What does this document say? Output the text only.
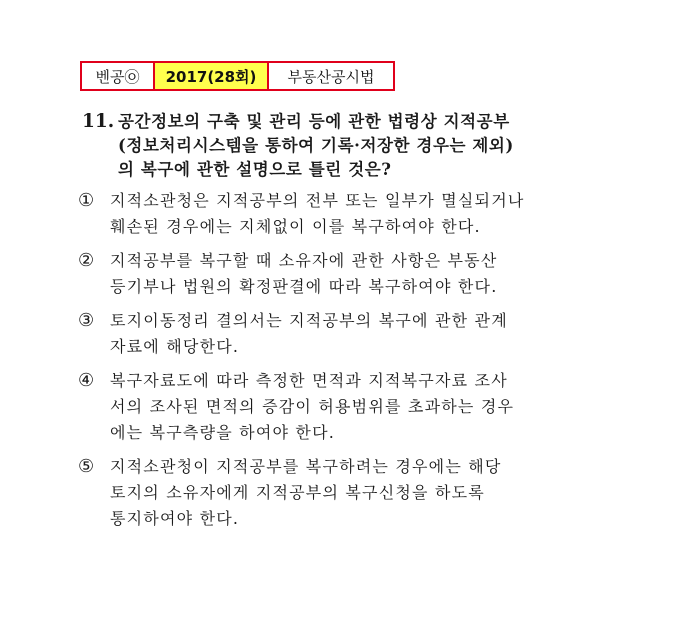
벤공㉧	2017(28회)	부동산공시법
11. 공간정보의 구축 및 관리 등에 관한 법령상 지적공부
(정보처리시스템을 통하여 기록·저장한 경우는 제외)
의 복구에 관한 설명으로 틀린 것은?
① 지적소관청은 지적공부의 전부 또는 일부가 멸실되거나
훼손된 경우에는 지체없이 이를 복구하여야 한다.
② 지적공부를 복구할 때 소유자에 관한 사항은 부동산
등기부나 법원의 확정판결에 따라 복구하여야 한다.
③ 토지이동정리 결의서는 지적공부의 복구에 관한 관계
자료에 해당한다.
④ 복구자료도에 따라 측정한 면적과 지적복구자료 조사
서의 조사된 면적의 증감이 허용범위를 초과하는 경우
에는 복구측량을 하여야 한다.
⑤ 지적소관청이 지적공부를 복구하려는 경우에는 해당
토지의 소유자에게 지적공부의 복구신청을 하도록
통지하여야 한다.
